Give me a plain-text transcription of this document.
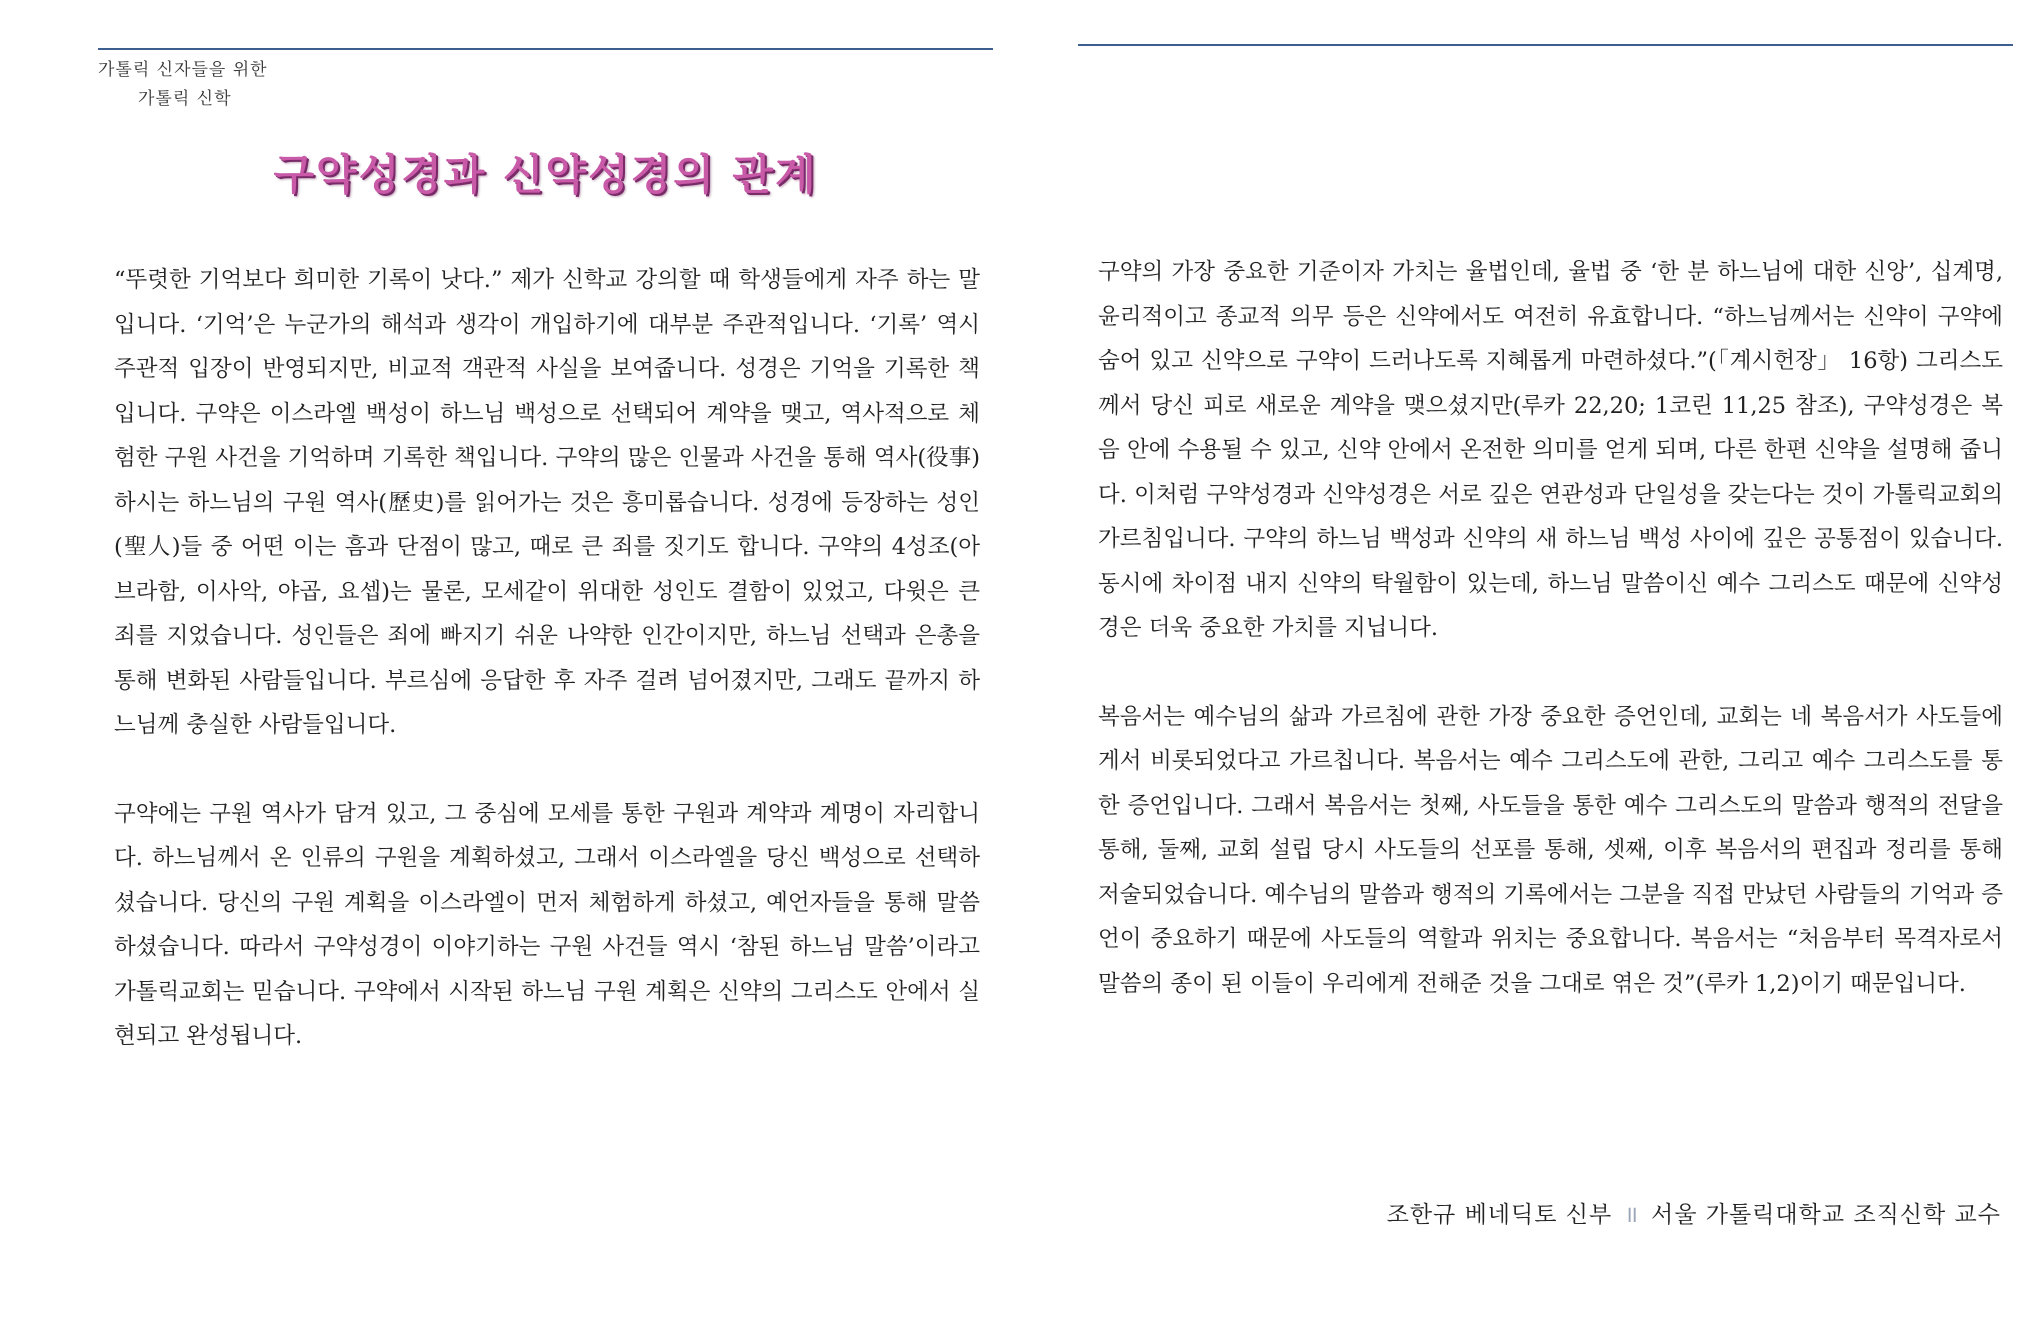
가톨릭 신자들을 위한
가톨릭 신학
구약성경과 신약성경의 관계

“뚜렷한 기억보다 희미한 기록이 낫다.” 제가 신학교 강의할 때 학생들에게 자주 하는 말입니다. ‘기억’은 누군가의 해석과 생각이 개입하기에 대부분 주관적입니다. ‘기록’ 역시 주관적 입장이 반영되지만, 비교적 객관적 사실을 보여줍니다. 성경은 기억을 기록한 책입니다. 구약은 이스라엘 백성이 하느님 백성으로 선택되어 계약을 맺고, 역사적으로 체험한 구원 사건을 기억하며 기록한 책입니다. 구약의 많은 인물과 사건을 통해 역사(役事)하시는 하느님의 구원 역사(歷史)를 읽어가는 것은 흥미롭습니다. 성경에 등장하는 성인(聖人)들 중 어떤 이는 흠과 단점이 많고, 때로 큰 죄를 짓기도 합니다. 구약의 4성조(아브라함, 이사악, 야곱, 요셉)는 물론, 모세같이 위대한 성인도 결함이 있었고, 다윗은 큰 죄를 지었습니다. 성인들은 죄에 빠지기 쉬운 나약한 인간이지만, 하느님 선택과 은총을 통해 변화된 사람들입니다. 부르심에 응답한 후 자주 걸려 넘어졌지만, 그래도 끝까지 하느님께 충실한 사람들입니다.

구약에는 구원 역사가 담겨 있고, 그 중심에 모세를 통한 구원과 계약과 계명이 자리합니다. 하느님께서 온 인류의 구원을 계획하셨고, 그래서 이스라엘을 당신 백성으로 선택하셨습니다. 당신의 구원 계획을 이스라엘이 먼저 체험하게 하셨고, 예언자들을 통해 말씀하셨습니다. 따라서 구약성경이 이야기하는 구원 사건들 역시 ‘참된 하느님 말씀’이라고 가톨릭교회는 믿습니다. 구약에서 시작된 하느님 구원 계획은 신약의 그리스도 안에서 실현되고 완성됩니다.

구약의 가장 중요한 기준이자 가치는 율법인데, 율법 중 ‘한 분 하느님에 대한 신앙’, 십계명, 윤리적이고 종교적 의무 등은 신약에서도 여전히 유효합니다. “하느님께서는 신약이 구약에 숨어 있고 신약으로 구약이 드러나도록 지혜롭게 마련하셨다.”(「계시헌장」 16항) 그리스도께서 당신 피로 새로운 계약을 맺으셨지만(루카 22,20; 1코린 11,25 참조), 구약성경은 복음 안에 수용될 수 있고, 신약 안에서 온전한 의미를 얻게 되며, 다른 한편 신약을 설명해 줍니다. 이처럼 구약성경과 신약성경은 서로 깊은 연관성과 단일성을 갖는다는 것이 가톨릭교회의 가르침입니다. 구약의 하느님 백성과 신약의 새 하느님 백성 사이에 깊은 공통점이 있습니다. 동시에 차이점 내지 신약의 탁월함이 있는데, 하느님 말씀이신 예수 그리스도 때문에 신약성경은 더욱 중요한 가치를 지닙니다.

복음서는 예수님의 삶과 가르침에 관한 가장 중요한 증언인데, 교회는 네 복음서가 사도들에게서 비롯되었다고 가르칩니다. 복음서는 예수 그리스도에 관한, 그리고 예수 그리스도를 통한 증언입니다. 그래서 복음서는 첫째, 사도들을 통한 예수 그리스도의 말씀과 행적의 전달을 통해, 둘째, 교회 설립 당시 사도들의 선포를 통해, 셋째, 이후 복음서의 편집과 정리를 통해 저술되었습니다. 예수님의 말씀과 행적의 기록에서는 그분을 직접 만났던 사람들의 기억과 증언이 중요하기 때문에 사도들의 역할과 위치는 중요합니다. 복음서는 “처음부터 목격자로서 말씀의 종이 된 이들이 우리에게 전해준 것을 그대로 엮은 것”(루카 1,2)이기 때문입니다.

조한규 베네딕토 신부 ॥ 서울 가톨릭대학교 조직신학 교수
